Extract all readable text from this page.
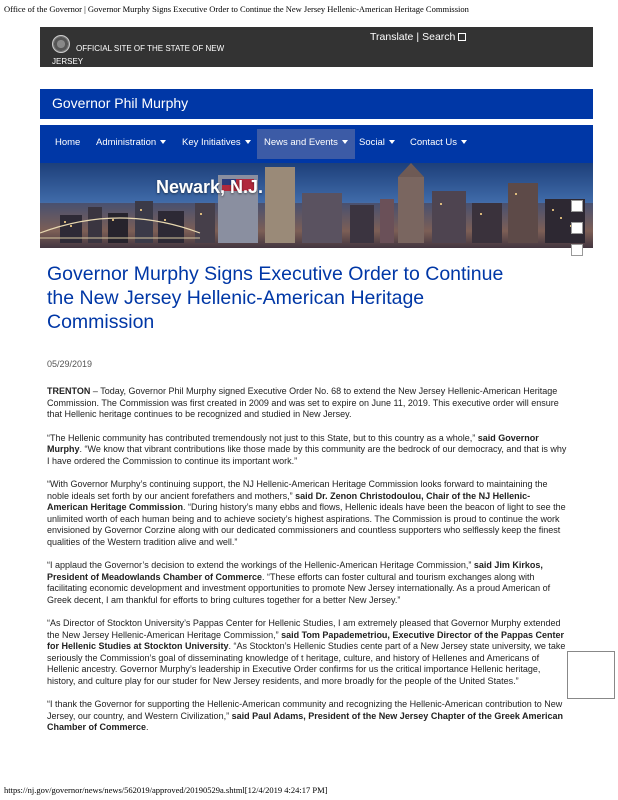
Office of the Governor | Governor Murphy Signs Executive Order to Continue the New Jersey Hellenic-American Heritage Commission
OFFICIAL SITE OF THE STATE OF NEW
JERSEY
Translate | Search
Governor Phil Murphy
Home	Administration	Key Initiatives	News and Events	Social	Contact Us
Newark, N.J.
Governor Murphy Signs Executive Order to Continue the New Jersey Hellenic-American Heritage Commission
05/29/2019

TRENTON – Today, Governor Phil Murphy signed Executive Order No. 68 to extend the New Jersey Hellenic-American Heritage Commission. The Commission was first created in 2009 and was set to expire on June 11, 2019. This executive order will ensure that Hellenic heritage continues to be recognized and studied in New Jersey.

“The Hellenic community has contributed tremendously not just to this State, but to this country as a whole,” said Governor Murphy. “We know that vibrant contributions like those made by this community are the bedrock of our democracy, and that is why I have ordered the Commission to continue its important work.”

“With Governor Murphy’s continuing support, the NJ Hellenic-American Heritage Commission looks forward to maintaining the noble ideals set forth by our ancient forefathers and mothers,” said Dr. Zenon Christodoulou, Chair of the NJ Hellenic-American Heritage Commission. “During history’s many ebbs and flows, Hellenic ideals have been the beacon of light to see the unlimited worth of each human being and to achieve society’s highest aspirations. The Commission is proud to continue the work envisioned by Governor Corzine along with our dedicated commissioners and countless supporters who selflessly keep the finest qualities of the Western tradition alive and well.”

“I applaud the Governor’s decision to extend the workings of the Hellenic-American Heritage Commission,” said Jim Kirkos, President of Meadowlands Chamber of Commerce. “These efforts can foster cultural and tourism exchanges along with facilitating economic development and investment opportunities to promote New Jersey internationally. As a proud American of Greek decent, I am thankful for efforts to bring cultures together for a better New Jersey.”

“As Director of Stockton University’s Pappas Center for Hellenic Studies, I am extremely pleased that Governor Murphy extended the New Jersey Hellenic-American Heritage Commission,” said Tom Papademetriou, Executive Director of the Pappas Center for Hellenic Studies at Stockton University. “As Stockton’s Hellenic Studies cente part of a New Jersey state university, we take seriously the Commission’s goal of disseminating knowledge of t heritage, culture, and history of Hellenes and Americans of Hellenic ancestry. Governor Murphy’s leadership in Executive Order confirms for us the critical importance Hellenic heritage, history, and culture play for our studer for New Jersey residents, and more broadly for the people of the United States.”

“I thank the Governor for supporting the Hellenic-American community and recognizing the Hellenic-American contribution to New Jersey, our country, and Western Civilization,” said Paul Adams, President of the New Jersey Chapter of the Greek American Chamber of Commerce.

https://nj.gov/governor/news/news/562019/approved/20190529a.shtml[12/4/2019 4:24:17 PM]
